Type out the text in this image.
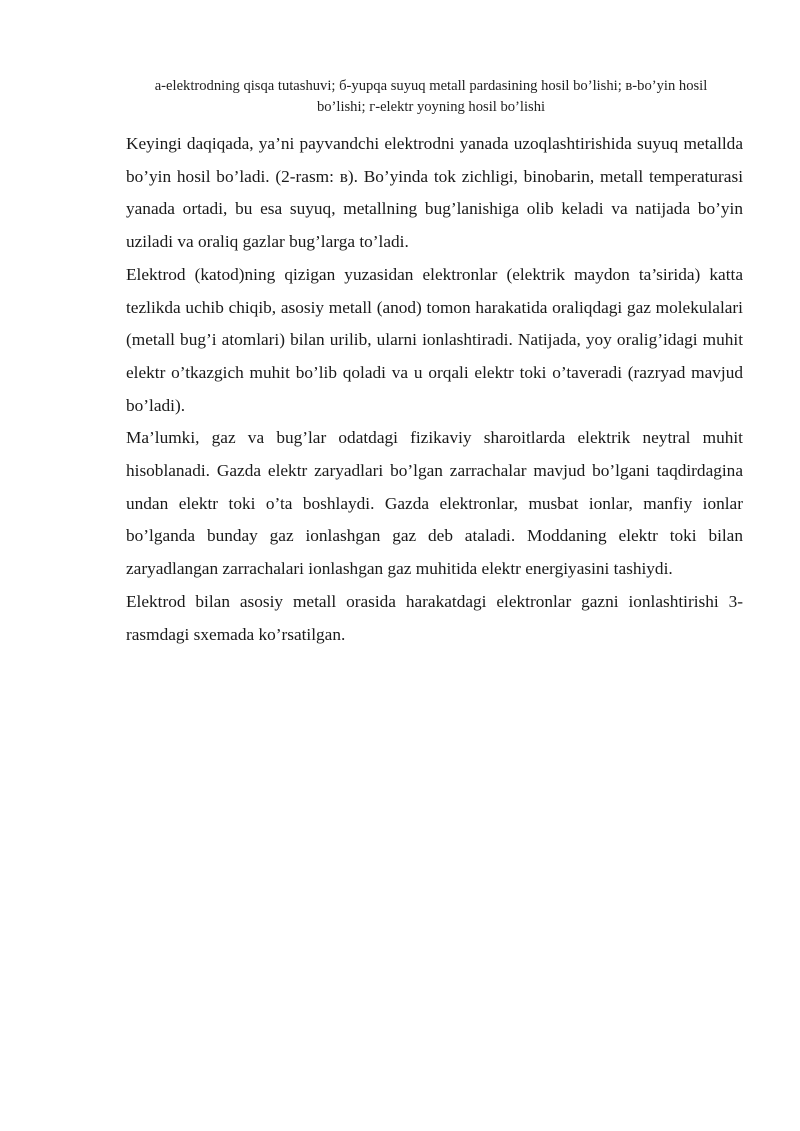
a-elektrodning qisqa tutashuvi; б-yupqa suyuq metall pardasining hosil bo’lishi; в-bo’yin hosil
bo’lishi; г-elektr yoyning hosil bo’lishi

Keyingi daqiqada, ya’ni payvandchi elektrodni yanada uzoqlashtirishida suyuq metallda bo’yin hosil bo’ladi. (2-rasm: в). Bo’yinda tok zichligi, binobarin, metall temperaturasi yanada ortadi, bu esa suyuq, metallning bug’lanishiga olib keladi va natijada bo’yin uziladi va oraliq gazlar bug’larga to’ladi.

Elektrod (katod)ning qizigan yuzasidan elektronlar (elektrik maydon ta’sirida) katta tezlikda uchib chiqib, asosiy metall (anod) tomon harakatida oraliqdagi gaz molekulalari (metall bug’i atomlari) bilan urilib, ularni ionlashtiradi. Natijada, yoy oralig’idagi muhit elektr o’tkazgich muhit bo’lib qoladi va u orqali elektr toki o’taveradi (razryad mavjud bo’ladi).

Ma’lumki, gaz va bug’lar odatdagi fizikaviy sharoitlarda elektrik neytral muhit hisoblanadi. Gazda elektr zaryadlari bo’lgan zarrachalar mavjud bo’lgani taqdirdagina undan elektr toki o’ta boshlaydi. Gazda elektronlar, musbat ionlar, manfiy ionlar bo’lganda bunday gaz ionlashgan gaz deb ataladi. Moddaning elektr toki bilan zaryadlangan zarrachalari ionlashgan gaz muhitida elektr energiyasini tashiydi.

Elektrod bilan asosiy metall orasida harakatdagi elektronlar gazni ionlashtirishi 3-rasmdagi sxemada ko’rsatilgan.
